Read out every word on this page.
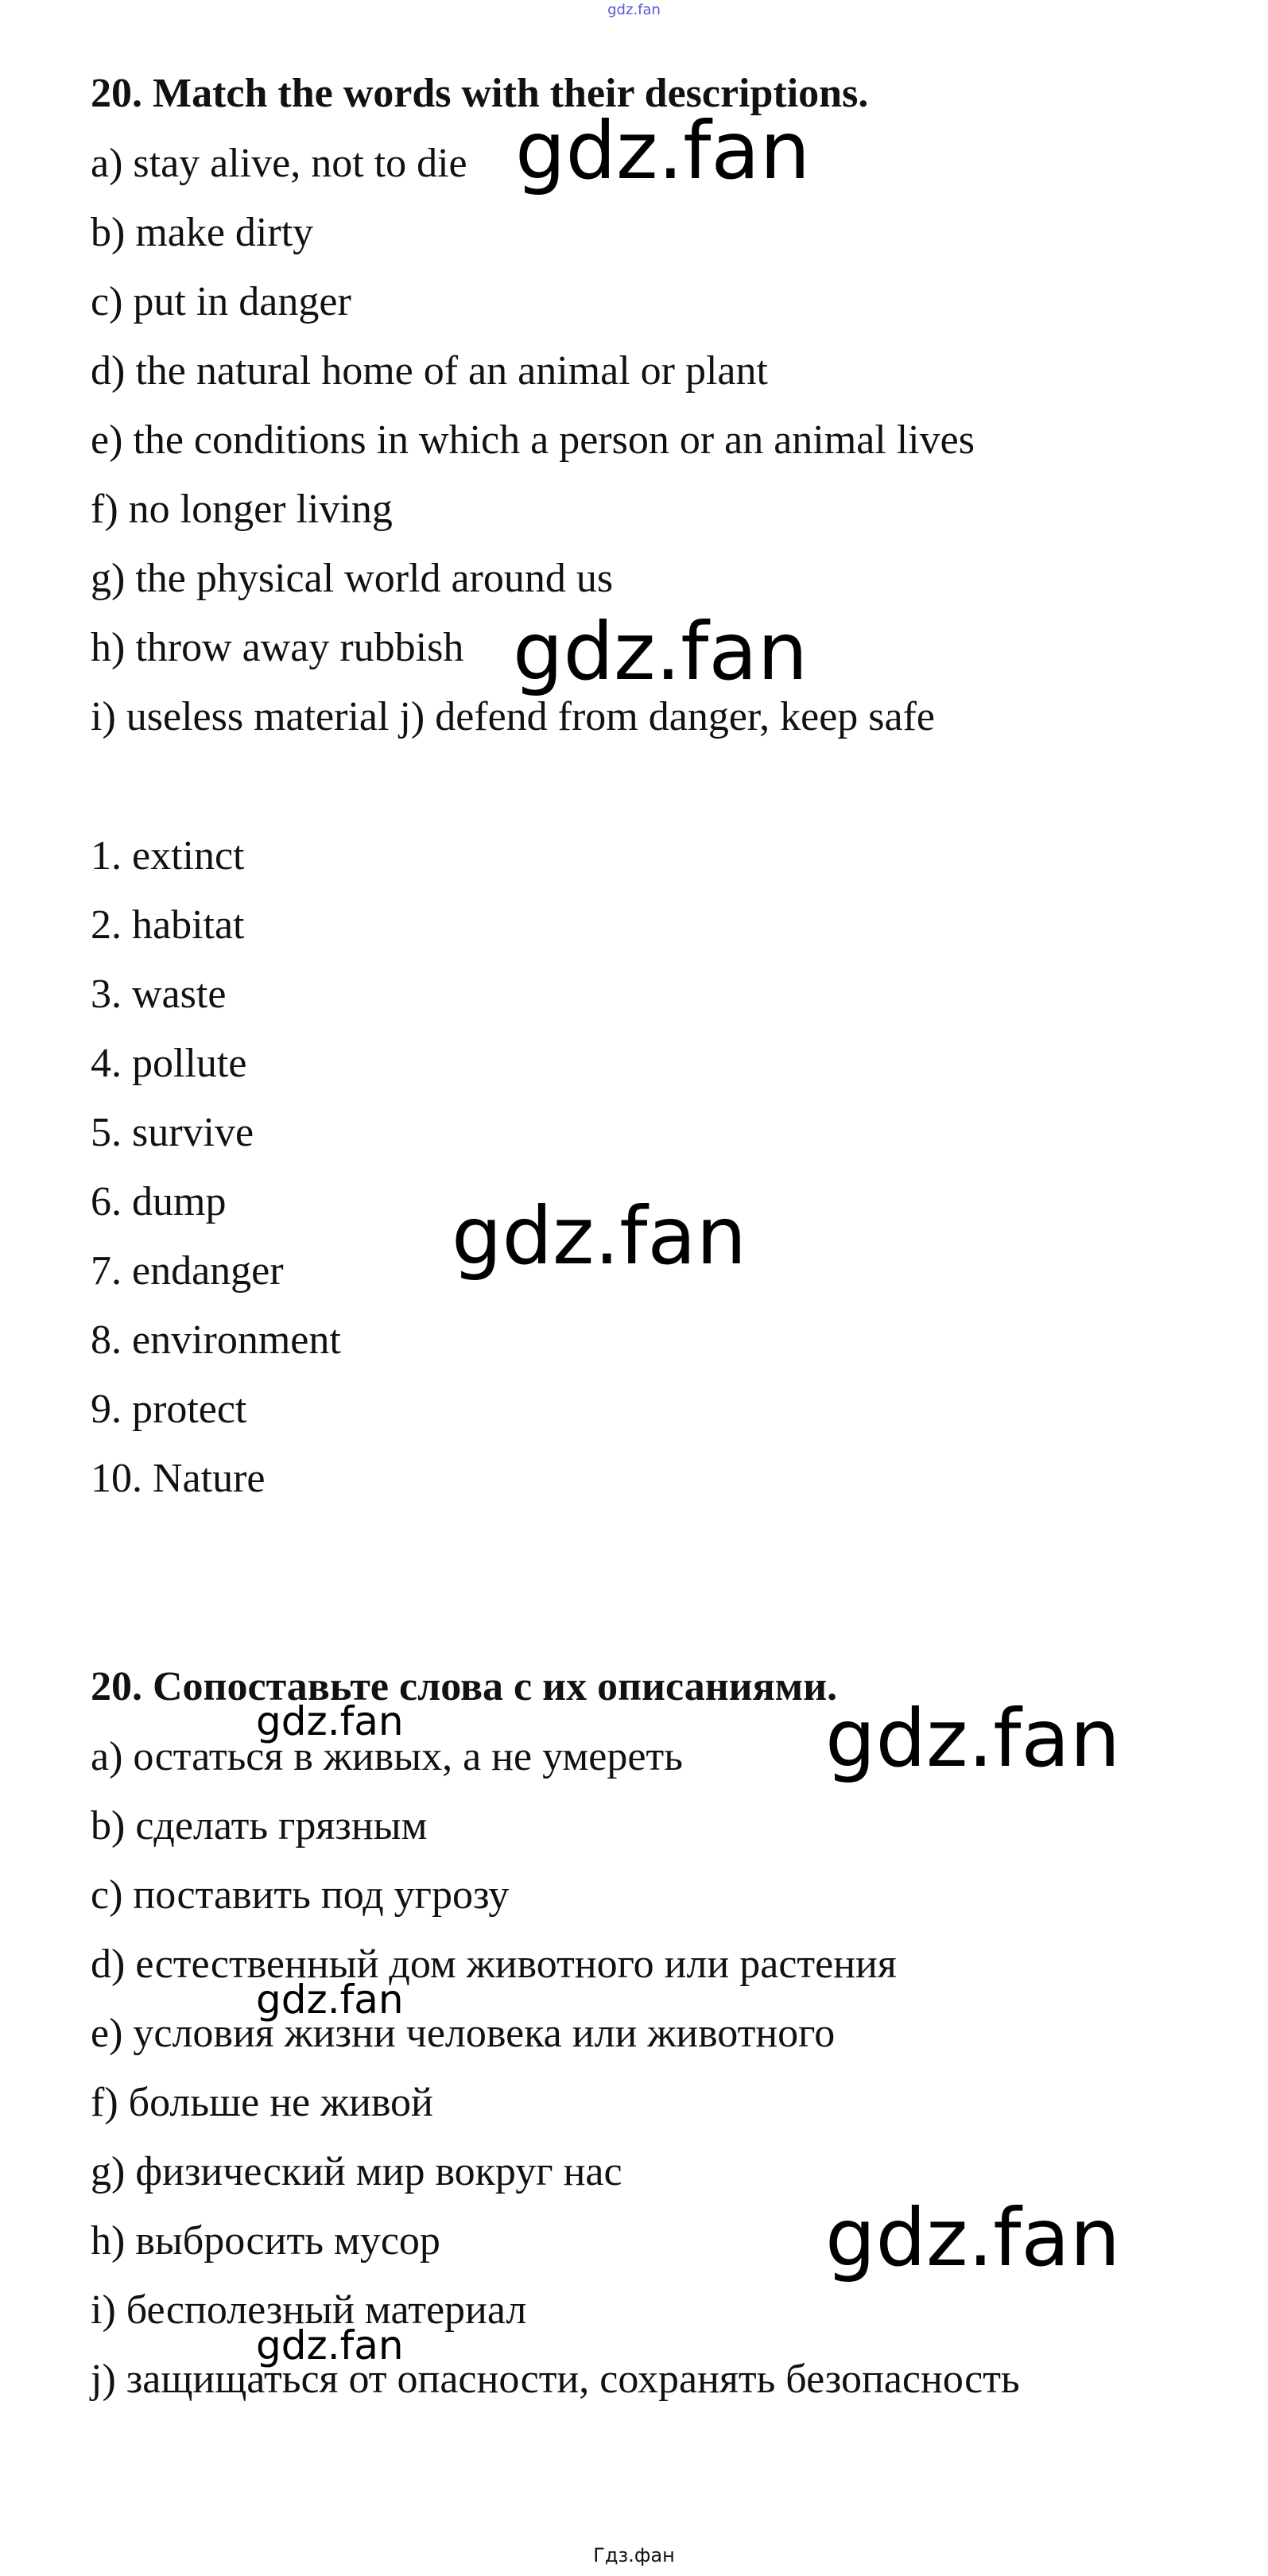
gdz.fan
20. Match the words with their descriptions.
a) stay alive, not to die
b) make dirty
c) put in danger
d) the natural home of an animal or plant
e) the conditions in which a person or an animal lives
f) no longer living
g) the physical world around us
h) throw away rubbish
i) useless material j) defend from danger, keep safe
1. extinct
2. habitat
3. waste
4. pollute
5. survive
6. dump
7. endanger
8. environment
9. protect
10. Nature
20. Сопоставьте слова с их описаниями.
a) остаться в живых, а не умереть
b) сделать грязным
c) поставить под угрозу
d) естественный дом животного или растения
e) условия жизни человека или животного
f) больше не живой
g) физический мир вокруг нас
h) выбросить мусор
i) бесполезный материал
j) защищаться от опасности, сохранять безопасность
gdz.fan
gdz.fan
gdz.fan
gdz.fan	gdz.fan
gdz.fan
gdz.fan
gdz.fan
Гдз.фан
